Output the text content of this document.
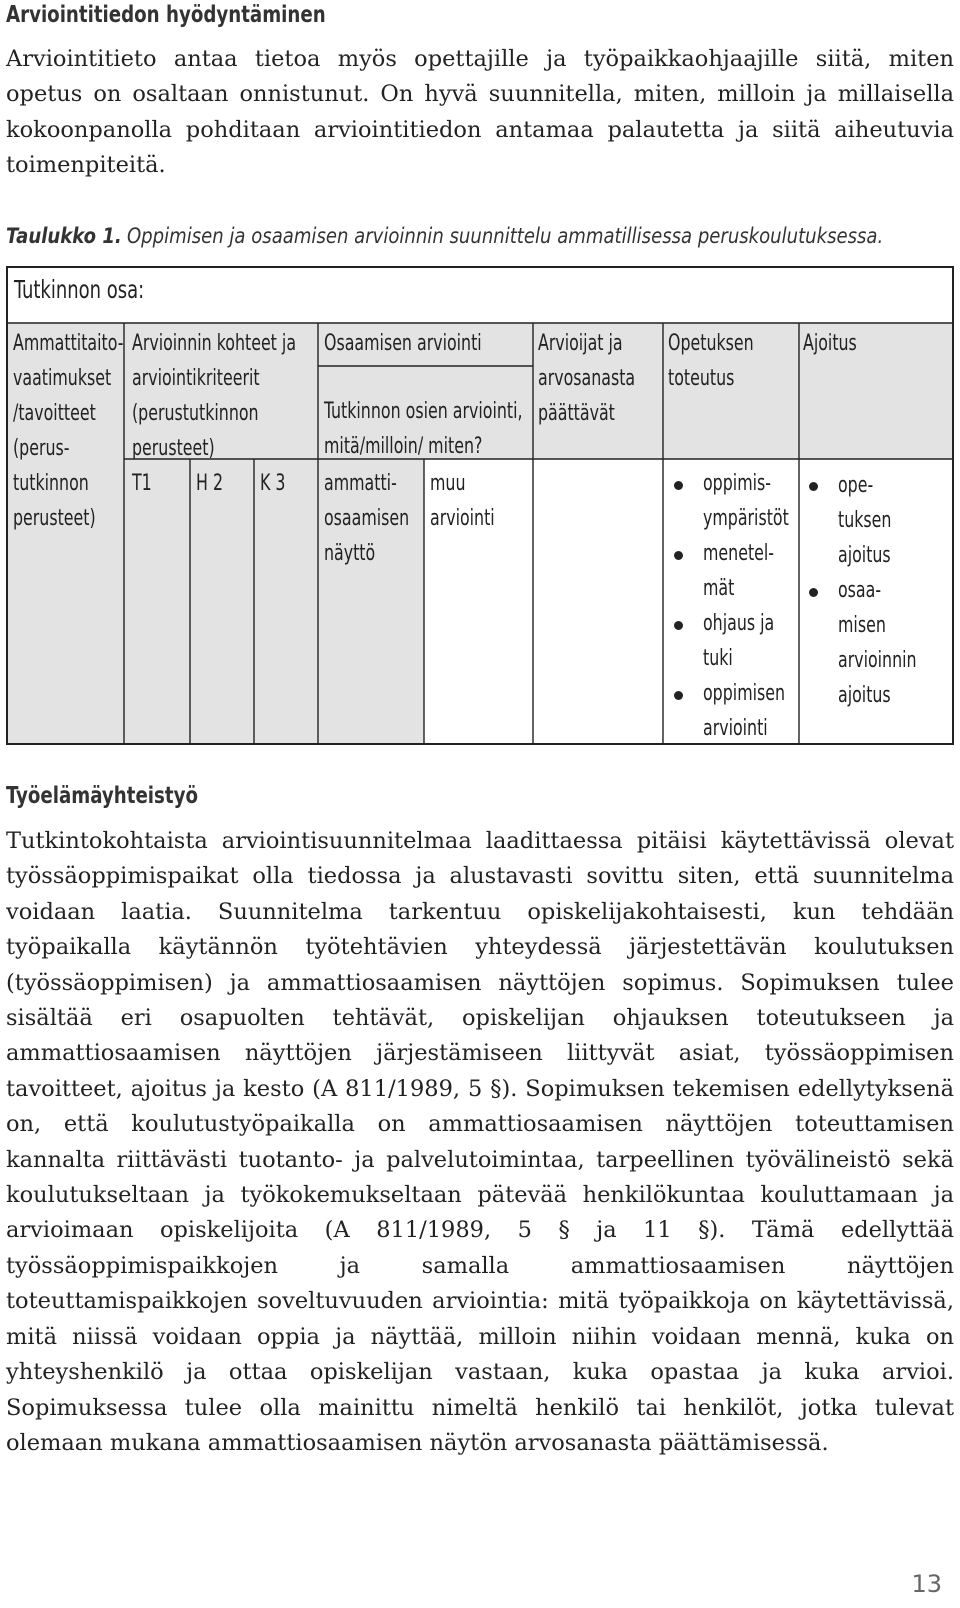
Arviointitiedon hyödyntäminen

Arviointitieto antaa tietoa myös opettajille ja työpaikkaohjaajille siitä, miten opetus on osaltaan onnistunut. On hyvä suunnitella, miten, milloin ja millaisella kokoonpanolla pohditaan arviointitiedon antamaa palautetta ja siitä aiheutuvia toimenpiteitä.

Taulukko 1. Oppimisen ja osaamisen arvioinnin suunnittelu ammatillisessa peruskoulutuksessa.
Tutkinnon osa:
Ammattitaito-
vaatimukset
/tavoitteet
(perus-
tutkinnon
perusteet)
Arvioinnin kohteet ja
arviointikriteerit
(perustutkinnon
perusteet)
T1 H 2 K 3
Osaamisen arviointi
Tutkinnon osien arviointi,
mitä/milloin/ miten?
ammatti-
osaamisen
näyttö
muu
arviointi
Arvioijat ja
arvosanasta
päättävät
Opetuksen
toteutus
oppimis-
ympäristöt
menetel-
mät
ohjaus ja
tuki
oppimisen
arviointi
Ajoitus
ope-
tuksen
ajoitus
osaa-
misen
arvioinnin
ajoitus
Työelämäyhteistyö

Tutkintokohtaista arviointisuunnitelmaa laadittaessa pitäisi käytettävissä olevat työssäoppimispaikat olla tiedossa ja alustavasti sovittu siten, että suunnitelma voidaan laatia. Suunnitelma tarkentuu opiskelijakohtaisesti, kun tehdään työpaikalla käytännön työtehtävien yhteydessä järjestettävän koulutuksen (työssäoppimisen) ja ammattiosaamisen näyttöjen sopimus. Sopimuksen tulee sisältää eri osapuolten tehtävät, opiskelijan ohjauksen toteutukseen ja ammattiosaamisen näyttöjen järjestämiseen liittyvät asiat, työssäoppimisen tavoitteet, ajoitus ja kesto (A 811/1989, 5 §). Sopimuksen tekemisen edellytyksenä on, että koulutustyöpaikalla on ammattiosaamisen näyttöjen toteuttamisen kannalta riittävästi tuotanto- ja palvelutoimintaa, tarpeellinen työvälineistö sekä koulutukseltaan ja työkokemukseltaan pätevää henkilökuntaa kouluttamaan ja arvioimaan opiskelijoita (A 811/1989, 5 § ja 11 §). Tämä edellyttää työssäoppimispaikkojen ja samalla ammattiosaamisen näyttöjen toteuttamispaikkojen soveltuvuuden arviointia: mitä työpaikkoja on käytettävissä, mitä niissä voidaan oppia ja näyttää, milloin niihin voidaan mennä, kuka on yhteyshenkilö ja ottaa opiskelijan vastaan, kuka opastaa ja kuka arvioi. Sopimuksessa tulee olla mainittu nimeltä henkilö tai henkilöt, jotka tulevat olemaan mukana ammattiosaamisen näytön arvosanasta päättämisessä.

13
